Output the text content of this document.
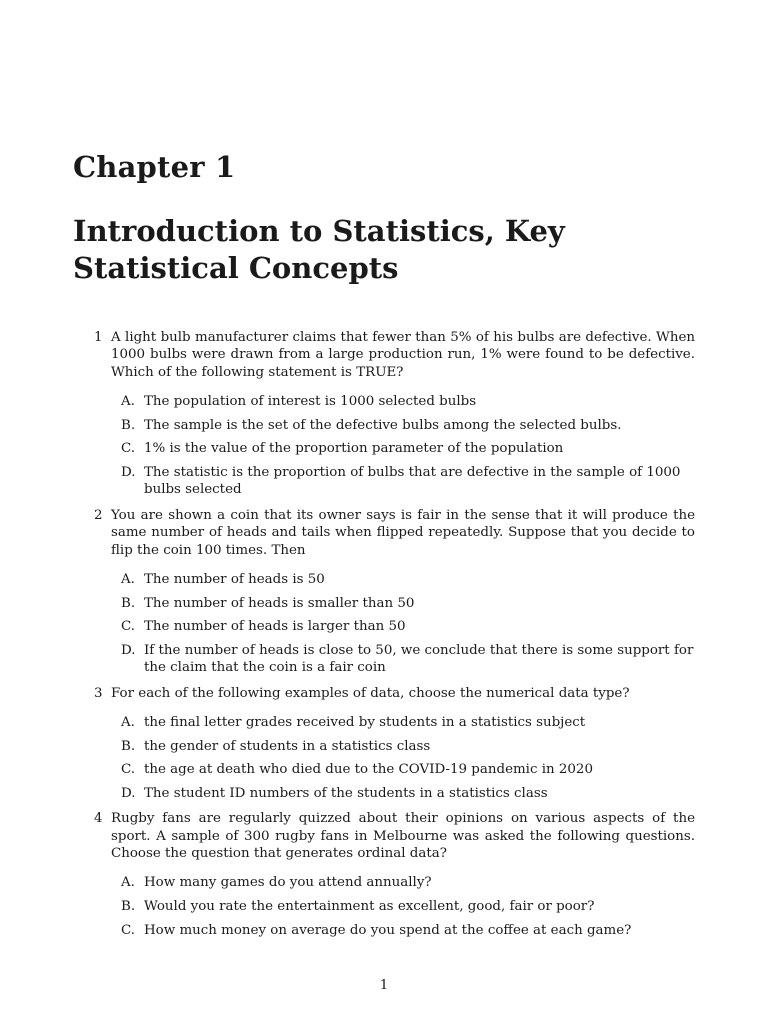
Chapter 1
Introduction to Statistics, Key Statistical Concepts
1 A light bulb manufacturer claims that fewer than 5% of his bulbs are defective. When 1000 bulbs were drawn from a large production run, 1% were found to be defective. Which of the following statement is TRUE?
A. The population of interest is 1000 selected bulbs
B. The sample is the set of the defective bulbs among the selected bulbs.
C. 1% is the value of the proportion parameter of the population
D. The statistic is the proportion of bulbs that are defective in the sample of 1000 bulbs selected
2 You are shown a coin that its owner says is fair in the sense that it will produce the same number of heads and tails when flipped repeatedly. Suppose that you decide to flip the coin 100 times. Then
A. The number of heads is 50
B. The number of heads is smaller than 50
C. The number of heads is larger than 50
D. If the number of heads is close to 50, we conclude that there is some support for the claim that the coin is a fair coin
3 For each of the following examples of data, choose the numerical data type?
A. the final letter grades received by students in a statistics subject
B. the gender of students in a statistics class
C. the age at death who died due to the COVID-19 pandemic in 2020
D. The student ID numbers of the students in a statistics class
4 Rugby fans are regularly quizzed about their opinions on various aspects of the sport. A sample of 300 rugby fans in Melbourne was asked the following questions. Choose the question that generates ordinal data?
A. How many games do you attend annually?
B. Would you rate the entertainment as excellent, good, fair or poor?
C. How much money on average do you spend at the coffee at each game?
1
